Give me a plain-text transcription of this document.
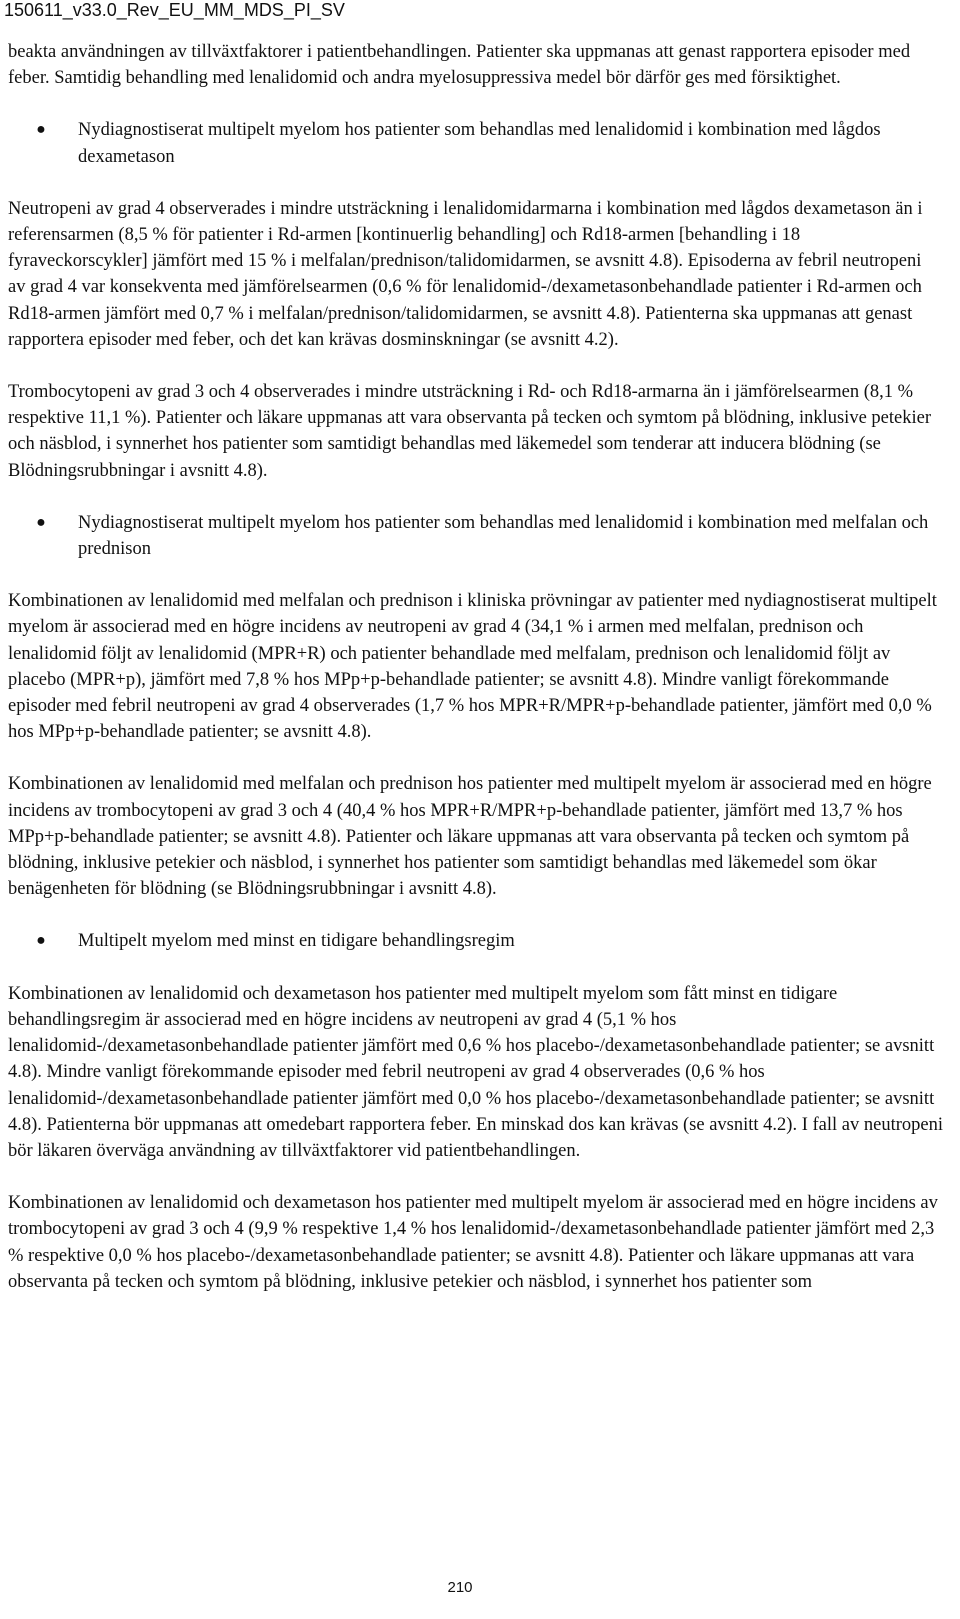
150611_v33.0_Rev_EU_MM_MDS_PI_SV

beakta användningen av tillväxtfaktorer i patientbehandlingen. Patienter ska uppmanas att genast rapportera episoder med feber. Samtidig behandling med lenalidomid och andra myelosuppressiva medel bör därför ges med försiktighet.

● Nydiagnostiserat multipelt myelom hos patienter som behandlas med lenalidomid i kombination med lågdos dexametason

Neutropeni av grad 4 observerades i mindre utsträckning i lenalidomidarmarna i kombination med lågdos dexametason än i referensarmen (8,5 % för patienter i Rd-armen [kontinuerlig behandling] och Rd18-armen [behandling i 18 fyraveckorscykler] jämfört med 15 % i melfalan/prednison/talidomidarmen, se avsnitt 4.8). Episoderna av febril neutropeni av grad 4 var konsekventa med jämförelsearmen (0,6 % för lenalidomid-/dexametasonbehandlade patienter i Rd-armen och Rd18-armen jämfört med 0,7 % i melfalan/prednison/talidomidarmen, se avsnitt 4.8). Patienterna ska uppmanas att genast rapportera episoder med feber, och det kan krävas dosminskningar (se avsnitt 4.2).

Trombocytopeni av grad 3 och 4 observerades i mindre utsträckning i Rd- och Rd18-armarna än i jämförelsearmen (8,1 % respektive 11,1 %). Patienter och läkare uppmanas att vara observanta på tecken och symtom på blödning, inklusive petekier och näsblod, i synnerhet hos patienter som samtidigt behandlas med läkemedel som tenderar att inducera blödning (se Blödningsrubbningar i avsnitt 4.8).

● Nydiagnostiserat multipelt myelom hos patienter som behandlas med lenalidomid i kombination med melfalan och prednison

Kombinationen av lenalidomid med melfalan och prednison i kliniska prövningar av patienter med nydiagnostiserat multipelt myelom är associerad med en högre incidens av neutropeni av grad 4 (34,1 % i armen med melfalan, prednison och lenalidomid följt av lenalidomid (MPR+R) och patienter behandlade med melfalam, prednison och lenalidomid följt av placebo (MPR+p), jämfört med 7,8 % hos MPp+p-behandlade patienter; se avsnitt 4.8). Mindre vanligt förekommande episoder med febril neutropeni av grad 4 observerades (1,7 % hos MPR+R/MPR+p-behandlade patienter, jämfört med 0,0 % hos MPp+p-behandlade patienter; se avsnitt 4.8).

Kombinationen av lenalidomid med melfalan och prednison hos patienter med multipelt myelom är associerad med en högre incidens av trombocytopeni av grad 3 och 4 (40,4 % hos MPR+R/MPR+p-behandlade patienter, jämfört med 13,7 % hos MPp+p-behandlade patienter; se avsnitt 4.8). Patienter och läkare uppmanas att vara observanta på tecken och symtom på blödning, inklusive petekier och näsblod, i synnerhet hos patienter som samtidigt behandlas med läkemedel som ökar benägenheten för blödning (se Blödningsrubbningar i avsnitt 4.8).

● Multipelt myelom med minst en tidigare behandlingsregim

Kombinationen av lenalidomid och dexametason hos patienter med multipelt myelom som fått minst en tidigare behandlingsregim är associerad med en högre incidens av neutropeni av grad 4 (5,1 % hos lenalidomid-/dexametasonbehandlade patienter jämfört med 0,6 % hos placebo-/dexametasonbehandlade patienter; se avsnitt 4.8). Mindre vanligt förekommande episoder med febril neutropeni av grad 4 observerades (0,6 % hos lenalidomid-/dexametasonbehandlade patienter jämfört med 0,0 % hos placebo-/dexametasonbehandlade patienter; se avsnitt 4.8). Patienterna bör uppmanas att omedebart rapportera feber. En minskad dos kan krävas (se avsnitt 4.2). I fall av neutropeni bör läkaren överväga användning av tillväxtfaktorer vid patientbehandlingen.

Kombinationen av lenalidomid och dexametason hos patienter med multipelt myelom är associerad med en högre incidens av trombocytopeni av grad 3 och 4 (9,9 % respektive 1,4 % hos lenalidomid-/dexametasonbehandlade patienter jämfört med 2,3 % respektive 0,0 % hos placebo-/dexametasonbehandlade patienter; se avsnitt 4.8). Patienter och läkare uppmanas att vara observanta på tecken och symtom på blödning, inklusive petekier och näsblod, i synnerhet hos patienter som

210
